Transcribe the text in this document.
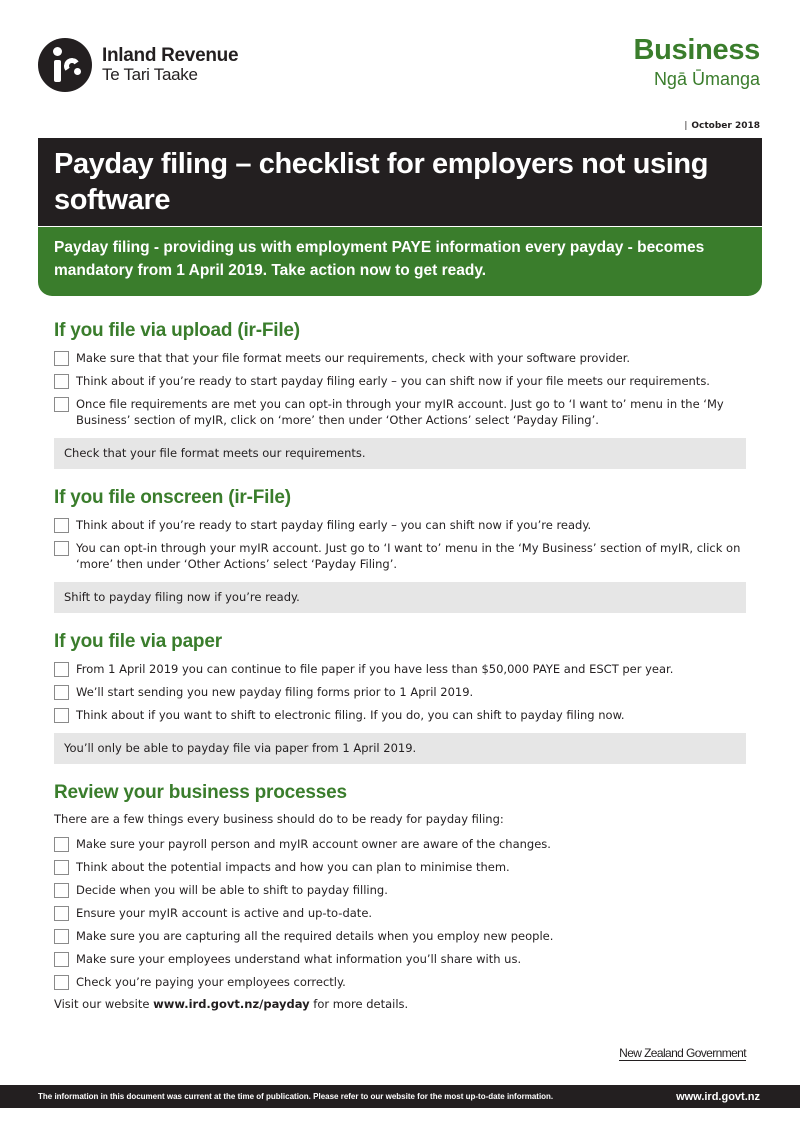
Inland Revenue
Te Tari Taake
Business
Ngā Ūmanga
| October 2018
Payday filing – checklist for employers not using software
Payday filing - providing us with employment PAYE information every payday - becomes mandatory from 1 April 2019. Take action now to get ready.
If you file via upload (ir-File)
Make sure that that your file format meets our requirements, check with your software provider.
Think about if you’re ready to start payday filing early – you can shift now if your file meets our requirements.
Once file requirements are met you can opt-in through your myIR account. Just go to ‘I want to’ menu in the ‘My Business’ section of myIR, click on ‘more’ then under ‘Other Actions’ select ‘Payday Filing’.
Check that your file format meets our requirements.
If you file onscreen (ir-File)
Think about if you’re ready to start payday filing early – you can shift now if you’re ready.
You can opt-in through your myIR account. Just go to ‘I want to’ menu in the ‘My Business’ section of myIR, click on ‘more’ then under ‘Other Actions’ select ‘Payday Filing’.
Shift to payday filing now if you’re ready.
If you file via paper
From 1 April 2019 you can continue to file paper if you have less than $50,000 PAYE and ESCT per year.
We’ll start sending you new payday filing forms prior to 1 April 2019.
Think about if you want to shift to electronic filing. If you do, you can shift to payday filing now.
You’ll only be able to payday file via paper from 1 April 2019.
Review your business processes
There are a few things every business should do to be ready for payday filing:
Make sure your payroll person and myIR account owner are aware of the changes.
Think about the potential impacts and how you can plan to minimise them.
Decide when you will be able to shift to payday filling.
Ensure your myIR account is active and up-to-date.
Make sure you are capturing all the required details when you employ new people.
Make sure your employees understand what information you’ll share with us.
Check you’re paying your employees correctly.
Visit our website www.ird.govt.nz/payday for more details.
New Zealand Government
The information in this document was current at the time of publication. Please refer to our website for the most up-to-date information.	www.ird.govt.nz
